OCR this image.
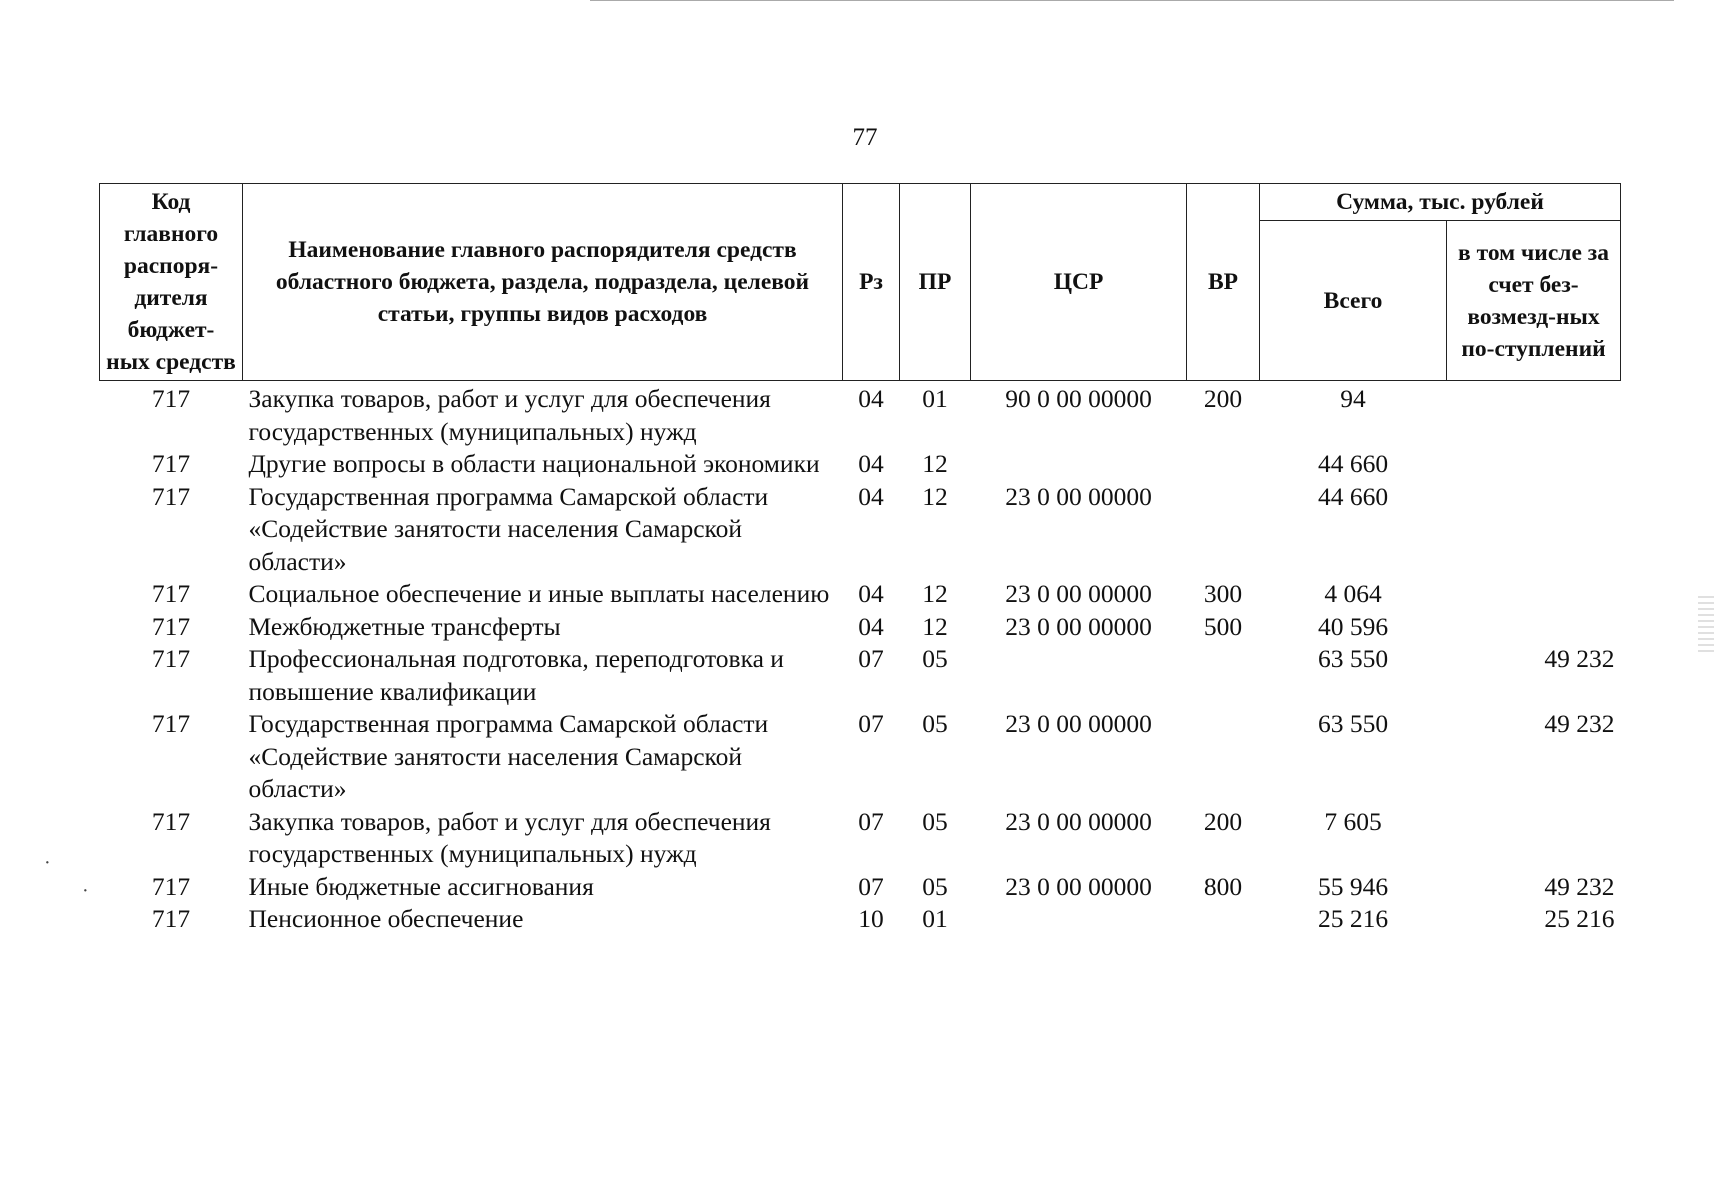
77
Код главного распоря-дителя бюджет-ных средств	Наименование главного распорядителя средств областного бюджета, раздела, подраздела, целевой статьи, группы видов расходов	Рз	ПР	ЦСР	ВР	Сумма, тыс. рублей	
						Всего	в том числе за счет без-возмезд-ных по-ступлений
717	Закупка товаров, работ и услуг для обеспечения государственных (муниципальных) нужд	04	01	90 0 00 00000	200	94	
717	Другие вопросы в области национальной экономики	04	12			44 660	
717	Государственная программа Самарской области «Содействие занятости населения Самарской области»	04	12	23 0 00 00000		44 660	
717	Социальное обеспечение и иные выплаты населению	04	12	23 0 00 00000	300	4 064	
717	Межбюджетные трансферты	04	12	23 0 00 00000	500	40 596	
717	Профессиональная подготовка, переподготовка и повышение квалификации	07	05			63 550	49 232
717	Государственная программа Самарской области «Содействие занятости населения Самарской области»	07	05	23 0 00 00000		63 550	49 232
717	Закупка товаров, работ и услуг для обеспечения государственных (муниципальных) нужд	07	05	23 0 00 00000	200	7 605	
717	Иные бюджетные ассигнования	07	05	23 0 00 00000	800	55 946	49 232
717	Пенсионное обеспечение	10	01			25 216	25 216
·
·
